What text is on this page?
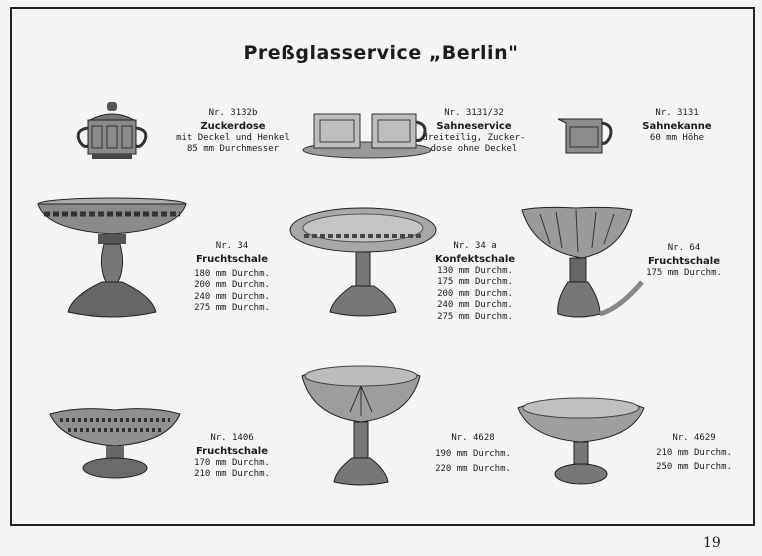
Preßglasservice „Berlin"
19
Nr. 3132b
Zuckerdose
mit Deckel und Henkel
85 mm Durchmesser
Nr. 3131/32
Sahneservice
dreiteilig, Zucker-
dose ohne Deckel
Nr. 3131
Sahnekanne
60 mm Höhe
Nr. 34
Fruchtschale
180 mm Durchm.
200 mm Durchm.
240 mm Durchm.
275 mm Durchm.
Nr. 34 a
Konfektschale
130 mm Durchm.
175 mm Durchm.
200 mm Durchm.
240 mm Durchm.
275 mm Durchm.
Nr. 64
Fruchtschale
175 mm Durchm.
Nr. 1406
Fruchtschale
170 mm Durchm.
210 mm Durchm.
Nr. 4628
190 mm Durchm.
220 mm Durchm.
Nr. 4629
210 mm Durchm.
250 mm Durchm.
